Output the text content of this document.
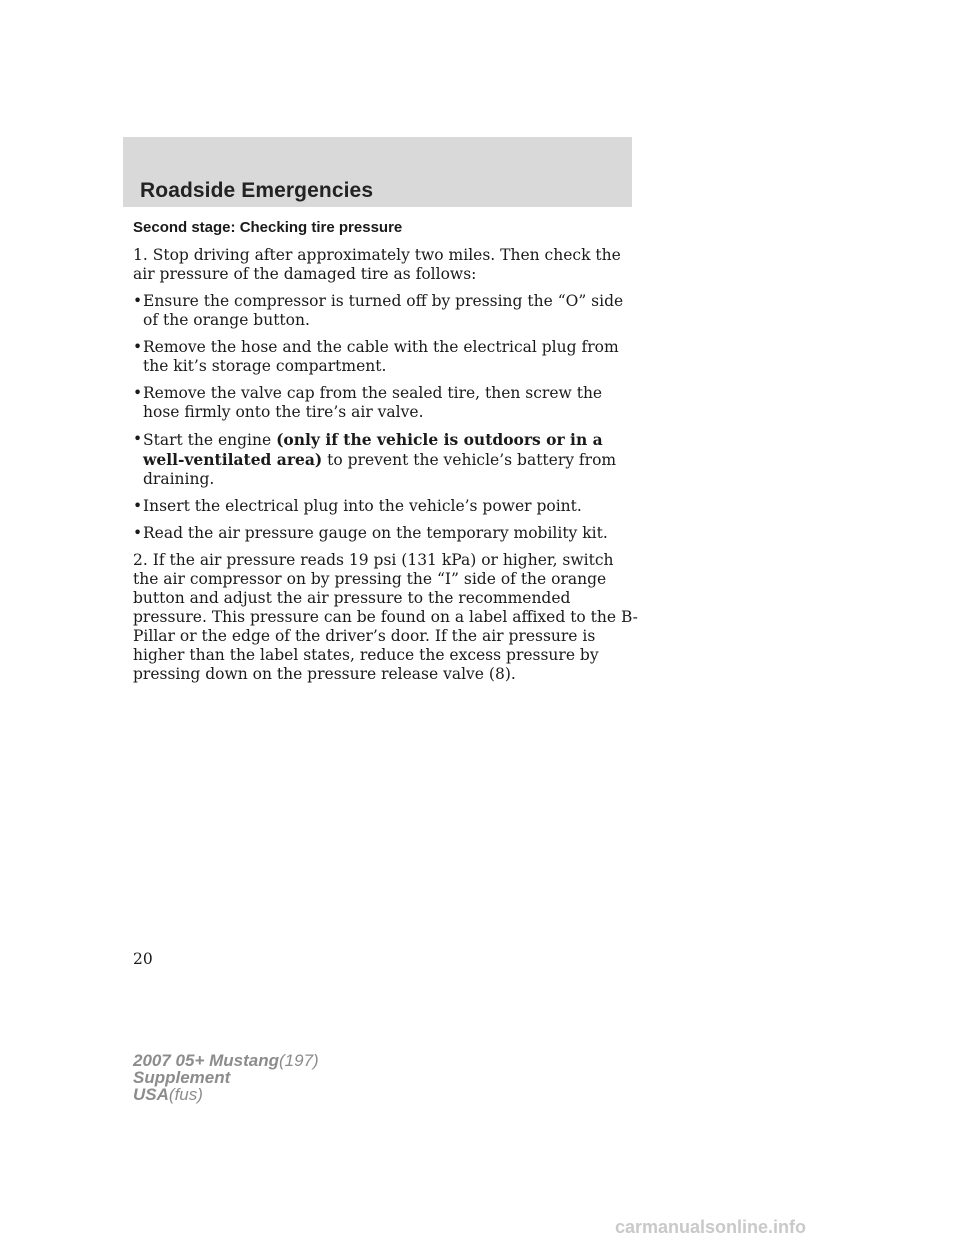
Roadside Emergencies

Second stage: Checking tire pressure

1. Stop driving after approximately two miles. Then check the air pressure of the damaged tire as follows:

• Ensure the compressor is turned off by pressing the “O” side of the orange button.
• Remove the hose and the cable with the electrical plug from the kit’s storage compartment.
• Remove the valve cap from the sealed tire, then screw the hose firmly onto the tire’s air valve.
• Start the engine (only if the vehicle is outdoors or in a well-ventilated area) to prevent the vehicle’s battery from draining.
• Insert the electrical plug into the vehicle’s power point.
• Read the air pressure gauge on the temporary mobility kit.

2. If the air pressure reads 19 psi (131 kPa) or higher, switch the air compressor on by pressing the “I” side of the orange button and adjust the air pressure to the recommended pressure. This pressure can be found on a label affixed to the B-Pillar or the edge of the driver’s door. If the air pressure is higher than the label states, reduce the excess pressure by pressing down on the pressure release valve (8).

20
2007 05+ Mustang(197)
Supplement
USA(fus)
carmanualsonline.info
